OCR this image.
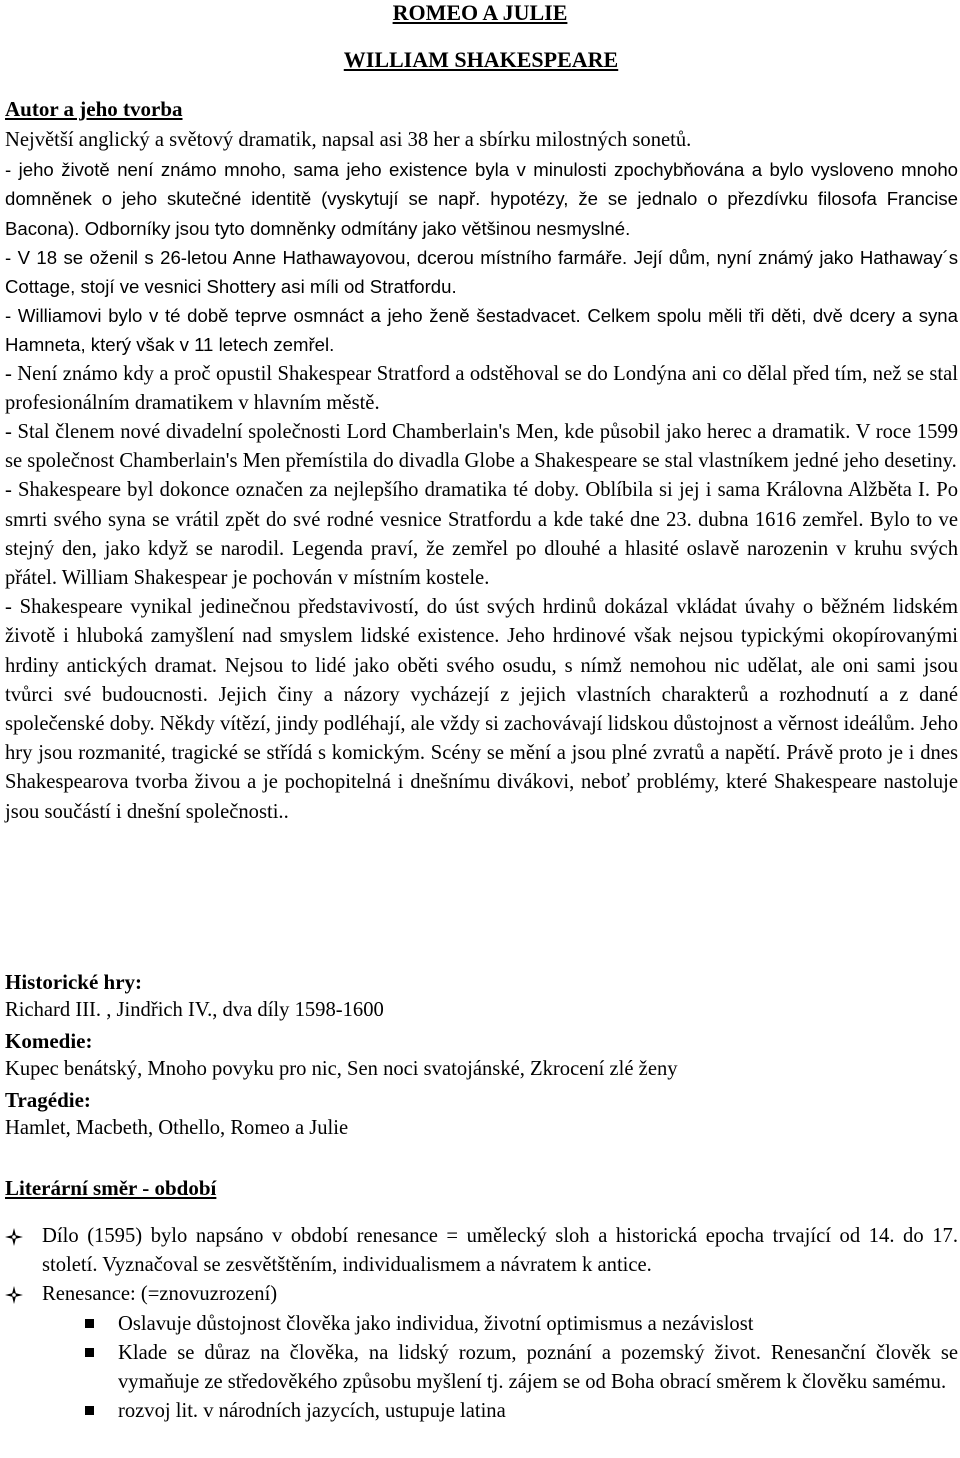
ROMEO A JULIE
WILLIAM SHAKESPEARE
Autor a jeho tvorba

Největší anglický a světový dramatik, napsal asi 38 her a sbírku milostných sonetů.

- jeho životě není známo mnoho, sama jeho existence byla v minulosti zpochybňována a bylo vysloveno mnoho domněnek o jeho skutečné identitě (vyskytují se např. hypotézy, že se jednalo o přezdívku filosofa Francise Bacona). Odborníky jsou tyto domněnky odmítány jako většinou nesmyslné.

- V 18 se oženil s 26-letou Anne Hathawayovou, dcerou místního farmáře. Její dům, nyní známý jako Hathaway´s Cottage, stojí ve vesnici Shottery asi míli od Stratfordu.

- Williamovi bylo v té době teprve osmnáct a jeho ženě šestadvacet. Celkem spolu měli tři děti, dvě dcery a syna Hamneta, který však v 11 letech zemřel.

- Není známo kdy a proč opustil Shakespear Stratford a odstěhoval se do Londýna ani co dělal před tím, než se stal profesionálním dramatikem v hlavním městě.

- Stal členem nové divadelní společnosti Lord Chamberlain's Men, kde působil jako herec a dramatik. V roce 1599 se společnost Chamberlain's Men přemístila do divadla Globe a Shakespeare se stal vlastníkem jedné jeho desetiny.

- Shakespeare byl dokonce označen za nejlepšího dramatika té doby. Oblíbila si jej i sama Královna Alžběta I. Po smrti svého syna se vrátil zpět do své rodné vesnice Stratfordu a kde také dne 23. dubna 1616 zemřel. Bylo to ve stejný den, jako když se narodil. Legenda praví, že zemřel po dlouhé a hlasité oslavě narozenin v kruhu svých přátel. William Shakespear je pochován v místním kostele.

- Shakespeare vynikal jedinečnou představivostí, do úst svých hrdinů dokázal vkládat úvahy o běžném lidském životě i hluboká zamyšlení nad smyslem lidské existence. Jeho hrdinové však nejsou typickými okopírovanými hrdiny antických dramat. Nejsou to lidé jako oběti svého osudu, s nímž nemohou nic udělat, ale oni sami jsou tvůrci své budoucnosti. Jejich činy a názory vycházejí z jejich vlastních charakterů a rozhodnutí a z dané společenské doby. Někdy vítězí, jindy podléhají, ale vždy si zachovávají lidskou důstojnost a věrnost ideálům. Jeho hry jsou rozmanité, tragické se střídá s komickým. Scény se mění a jsou plné zvratů a napětí. Právě proto je i dnes Shakespearova tvorba živou a je pochopitelná i dnešnímu divákovi, neboť problémy, které Shakespeare nastoluje jsou součástí i dnešní společnosti..

Historické hry:
Richard III. , Jindřich IV., dva díly 1598-1600
Komedie:
Kupec benátský, Mnoho povyku pro nic, Sen noci svatojánské, Zkrocení zlé ženy
Tragédie:
Hamlet, Macbeth, Othello, Romeo a Julie
Literární směr - období
Dílo (1595) bylo napsáno v období renesance = umělecký sloh a historická epocha trvající od 14. do 17. století. Vyznačoval se zesvětštěním, individualismem a návratem k antice.
Renesance: (=znovuzrození)
Oslavuje důstojnost člověka jako individua, životní optimismus a nezávislost
Klade se důraz na člověka, na lidský rozum, poznání a pozemský život. Renesanční člověk se vymaňuje ze středověkého způsobu myšlení tj. zájem se od Boha obrací směrem k člověku samému.
rozvoj lit. v národních jazycích, ustupuje latina
